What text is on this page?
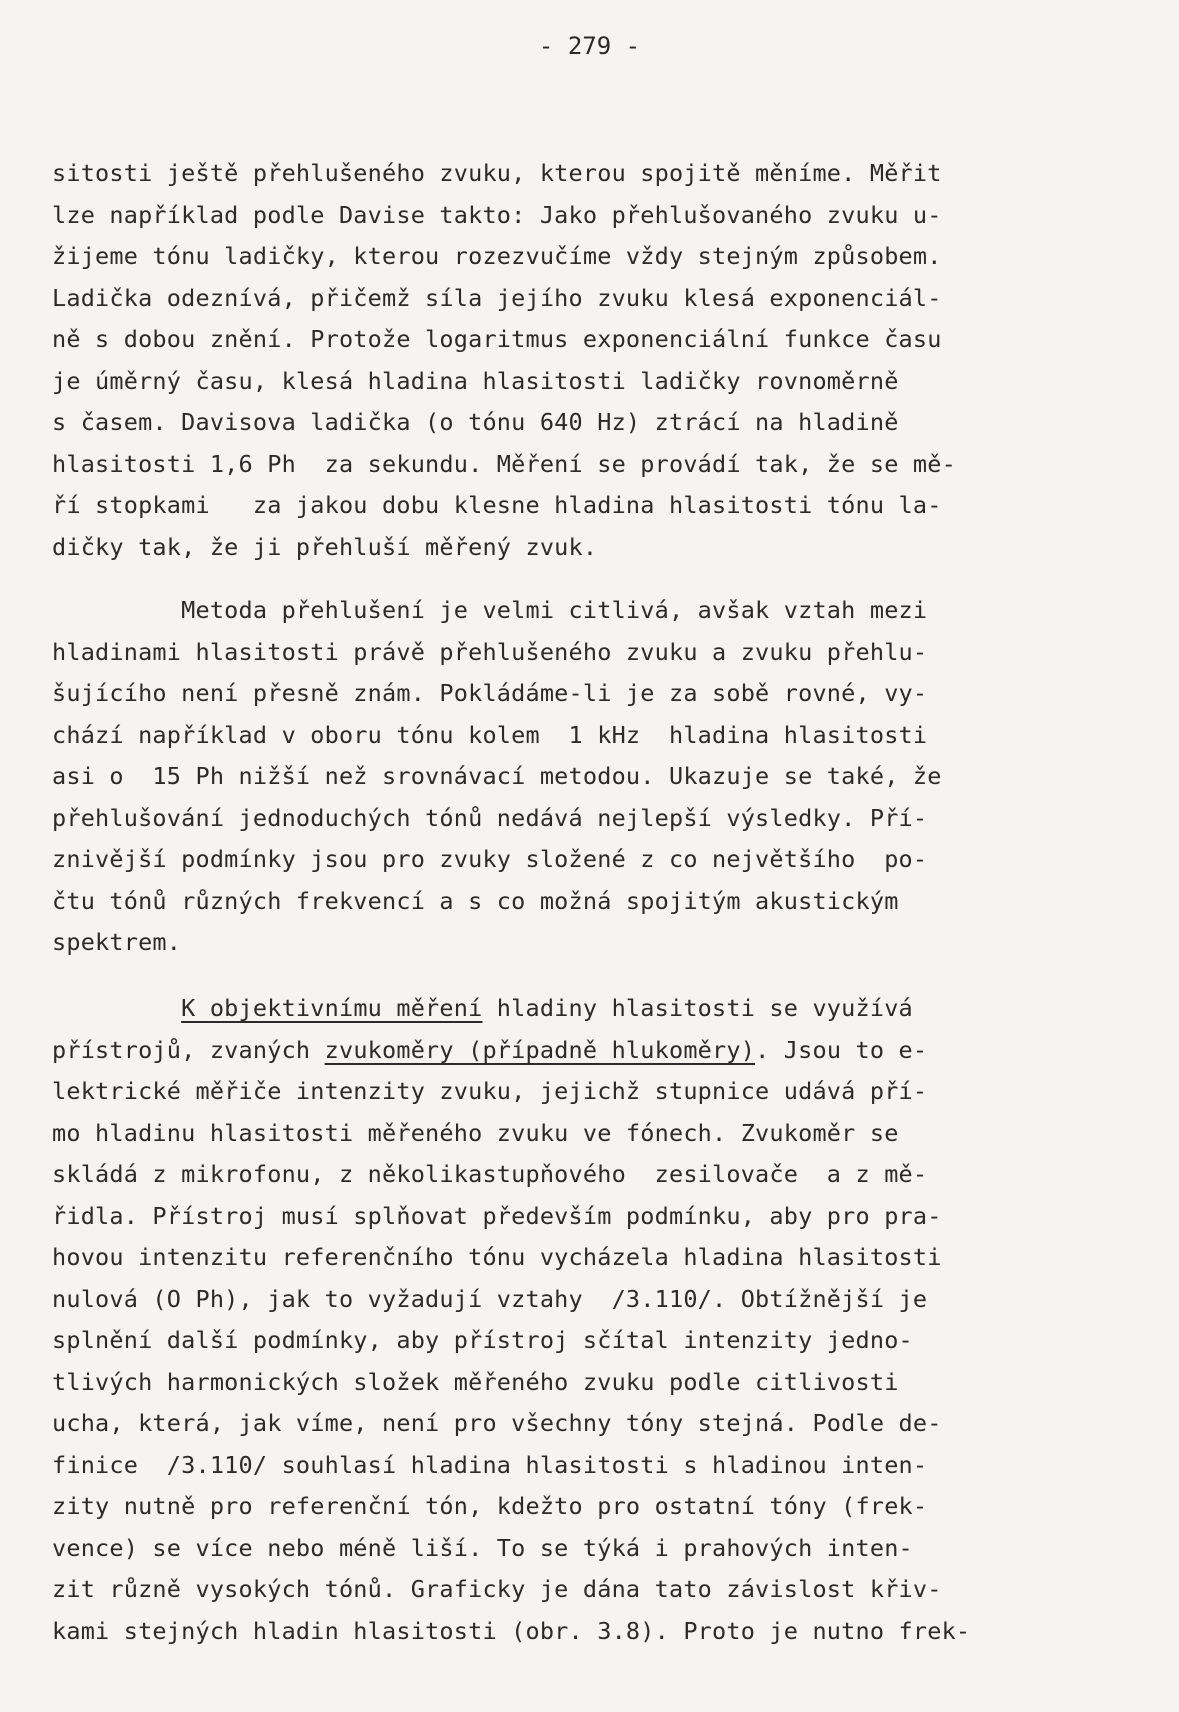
- 279 -
sitosti ještě přehlušeného zvuku, kterou spojitě měníme. Měřit
lze například podle Davise takto: Jako přehlušovaného zvuku u-
žijeme tónu ladičky, kterou rozezvučíme vždy stejným způsobem.
Ladička odeznívá, přičemž síla jejího zvuku klesá exponenciál-
ně s dobou znění. Protože logaritmus exponenciální funkce času
je úměrný času, klesá hladina hlasitosti ladičky rovnoměrně
s časem. Davisova ladička (o tónu 640 Hz) ztrácí na hladině
hlasitosti 1,6 Ph  za sekundu. Měření se provádí tak, že se mě-
ří stopkami   za jakou dobu klesne hladina hlasitosti tónu la-
dičky tak, že ji přehluší měřený zvuk.
Metoda přehlušení je velmi citlivá, avšak vztah mezi
hladinami hlasitosti právě přehlušeného zvuku a zvuku přehlu-
šujícího není přesně znám. Pokládáme-li je za sobě rovné, vy-
chází například v oboru tónu kolem  1 kHz  hladina hlasitosti
asi o  15 Ph nižší než srovnávací metodou. Ukazuje se také, že
přehlušování jednoduchých tónů nedává nejlepší výsledky. Pří-
znivější podmínky jsou pro zvuky složené z co největšího  po-
čtu tónů různých frekvencí a s co možná spojitým akustickým
spektrem.
K objektivnímu měření hladiny hlasitosti se využívá
přístrojů, zvaných zvukoměry (případně hlukoměry). Jsou to e-
lektrické měřiče intenzity zvuku, jejichž stupnice udává pří-
mo hladinu hlasitosti měřeného zvuku ve fónech. Zvukoměr se
skládá z mikrofonu, z několikastupňového  zesilovače  a z mě-
řidla. Přístroj musí splňovat především podmínku, aby pro pra-
hovou intenzitu referenčního tónu vycházela hladina hlasitosti
nulová (O Ph), jak to vyžadují vztahy  /3.110/. Obtížnější je
splnění další podmínky, aby přístroj sčítal intenzity jedno-
tlivých harmonických složek měřeného zvuku podle citlivosti
ucha, která, jak víme, není pro všechny tóny stejná. Podle de-
finice  /3.110/ souhlasí hladina hlasitosti s hladinou inten-
zity nutně pro referenční tón, kdežto pro ostatní tóny (frek-
vence) se více nebo méně liší. To se týká i prahových inten-
zit různě vysokých tónů. Graficky je dána tato závislost křiv-
kami stejných hladin hlasitosti (obr. 3.8). Proto je nutno frek-
